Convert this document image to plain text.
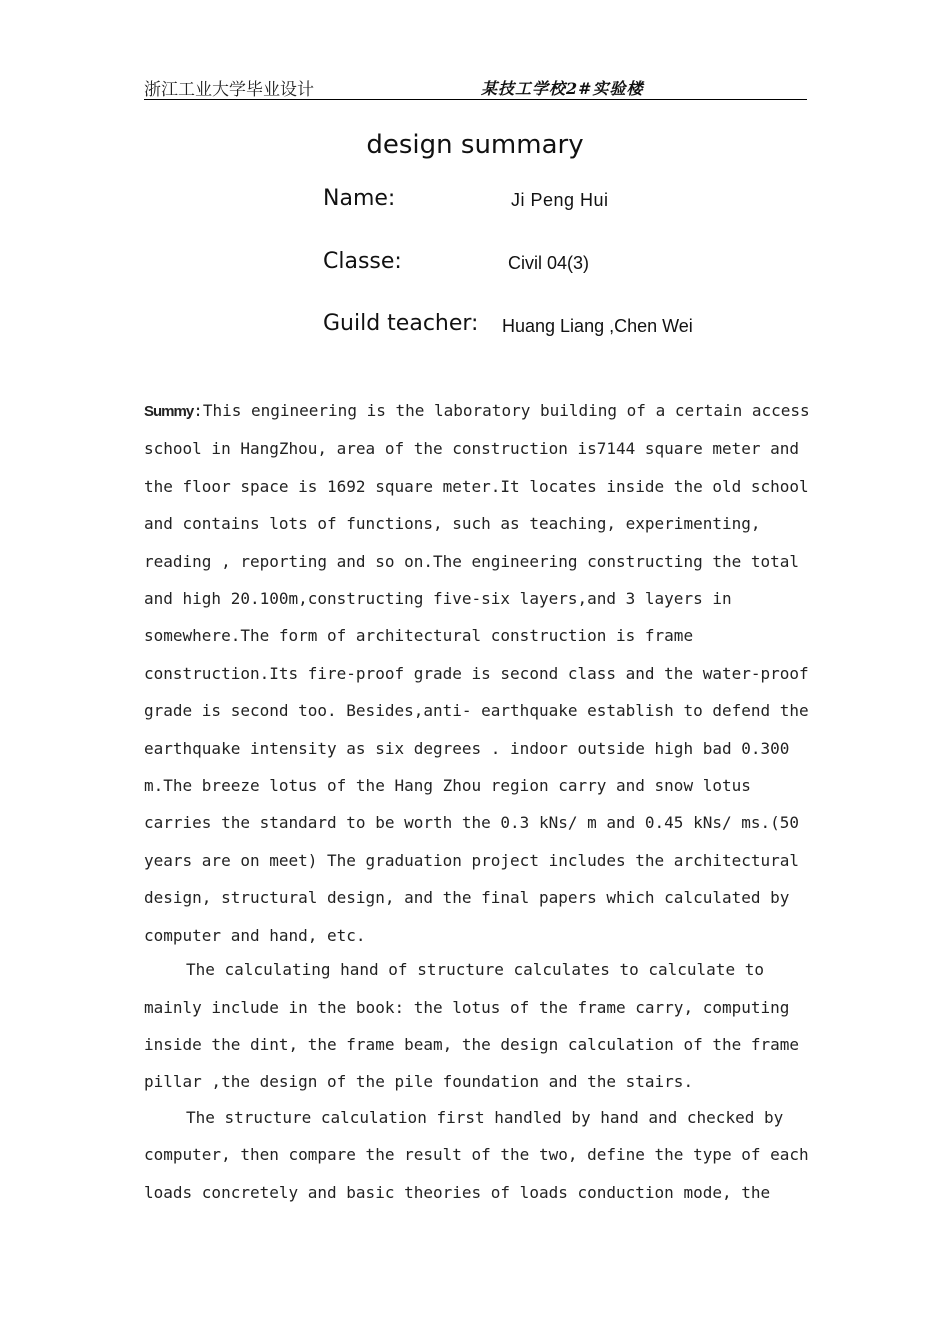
浙江工业大学毕业设计	某技工学校2#实验楼
design summary
Name:	Ji Peng Hui
Classe:	Civil 04(3)
Guild teacher: Huang Liang ,Chen Wei

Summy:This engineering is the laboratory building of a certain access
school in HangZhou, area of the construction is7144 square meter and
the floor space is 1692 square meter.It locates inside the old school
and contains lots of functions, such as teaching, experimenting,
reading , reporting and so on.The engineering constructing the total
and high 20.100m,constructing five-six layers,and 3 layers in
somewhere.The form of architectural construction is frame
construction.Its fire-proof grade is second class and the water-proof
grade is second too. Besides,anti- earthquake establish to defend the
earthquake intensity as six degrees . indoor outside high bad 0.300
m.The breeze lotus of the Hang Zhou region carry and snow lotus
carries the standard to be worth the 0.3 kNs/ m and 0.45 kNs/ ms.(50
years are on meet) The graduation project includes the architectural
design, structural design, and the final papers which calculated by
computer and hand, etc.

The calculating hand of structure calculates to calculate to
mainly include in the book: the lotus of the frame carry, computing
inside the dint, the frame beam, the design calculation of the frame
pillar ,the design of the pile foundation and the stairs.

The structure calculation first handled by hand and checked by
computer, then compare the result of the two, define the type of each
loads concretely and basic theories of loads conduction mode, the
